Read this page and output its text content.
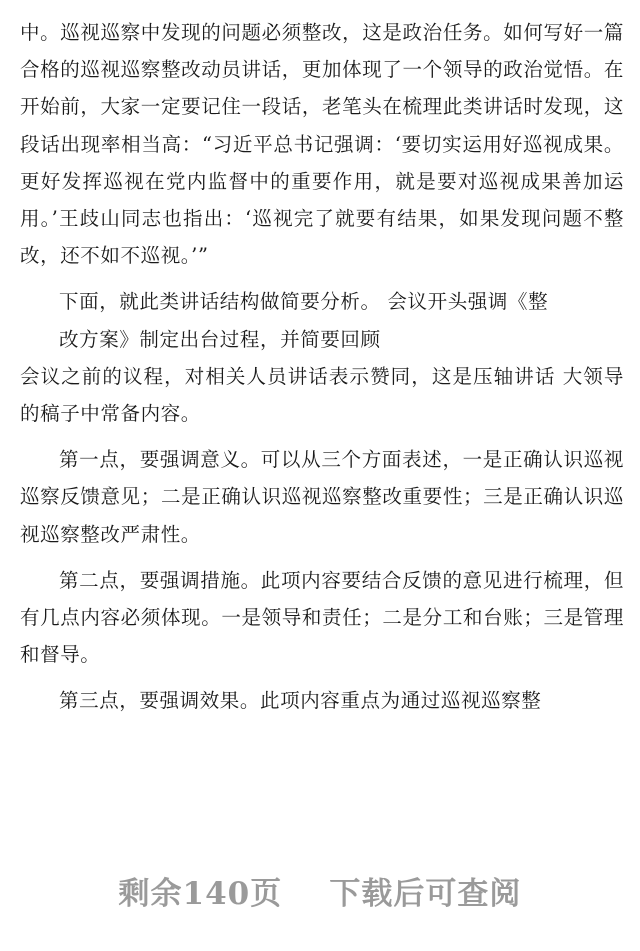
中。巡视巡察中发现的问题必须整改，这是政治任务。如何写好一篇合格的巡视巡察整改动员讲话，更加体现了一个领导的政治觉悟。在开始前，大家一定要记住一段话，老笔头在梳理此类讲话时发现，这段话出现率相当高：“习近平总书记强调：‘要切实运用好巡视成果。更好发挥巡视在党内监督中的重要作用，就是要对巡视成果善加运用。’王歧山同志也指出：‘巡视完了就要有结果，如果发现问题不整改，还不如不巡视。’”

下面，就此类讲话结构做简要分析。 会议开头强调《整

改方案》制定出台过程，并简要回顾

会议之前的议程，对相关人员讲话表示赞同，这是压轴讲话 大领导的稿子中常备内容。

第一点，要强调意义。可以从三个方面表述，一是正确认识巡视巡察反馈意见；二是正确认识巡视巡察整改重要性；三是正确认识巡视巡察整改严肃性。

第二点，要强调措施。此项内容要结合反馈的意见进行梳理，但有几点内容必须体现。一是领导和责任；二是分工和台账；三是管理和督导。

第三点，要强调效果。此项内容重点为通过巡视巡察整

剩余140页    下载后可查阅
